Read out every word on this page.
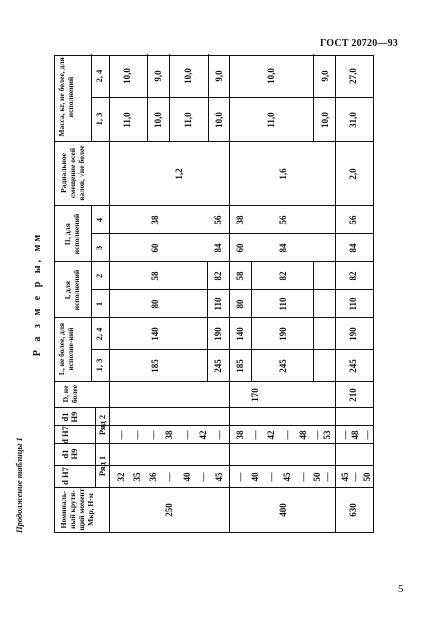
ГОСТ 20720—93
Продолжение таблицы 1
Р а з м е р ы, мм
Номиналь-ный крутя-щий момент Мкр, Н·м
d H7
d1 H9
d H7
d1 H9
Ряд 1
Ряд 2
D, не более
L, не более, для исполне-ний 1, 3
2, 4
l, для исполнений 1
2
l1, для исполнений 3
4
Радиальное смещение осей валов, √не более
Масса, кг, не более, для исполнений
1, 3
2, 4
250
32 35 36 — 40 — 45
— — — 38 — 42 —
170
185
140
80
58
60
38
245
190
110
82
84
56
1,2
11,0
10,0
10,0
9,0
11,0
10,0
10,0
9,0
400
— 40 — 45 — 50 —
38 — 42 — 48 — 53
185
140
80
58
60
38
245
190
110
82
84
56
1,6
11,0
10,0
10,0
9,0
630
45 — 50
— 48 —
210
245
190
110
82
84
56
2,0
31,0
27,0
5
